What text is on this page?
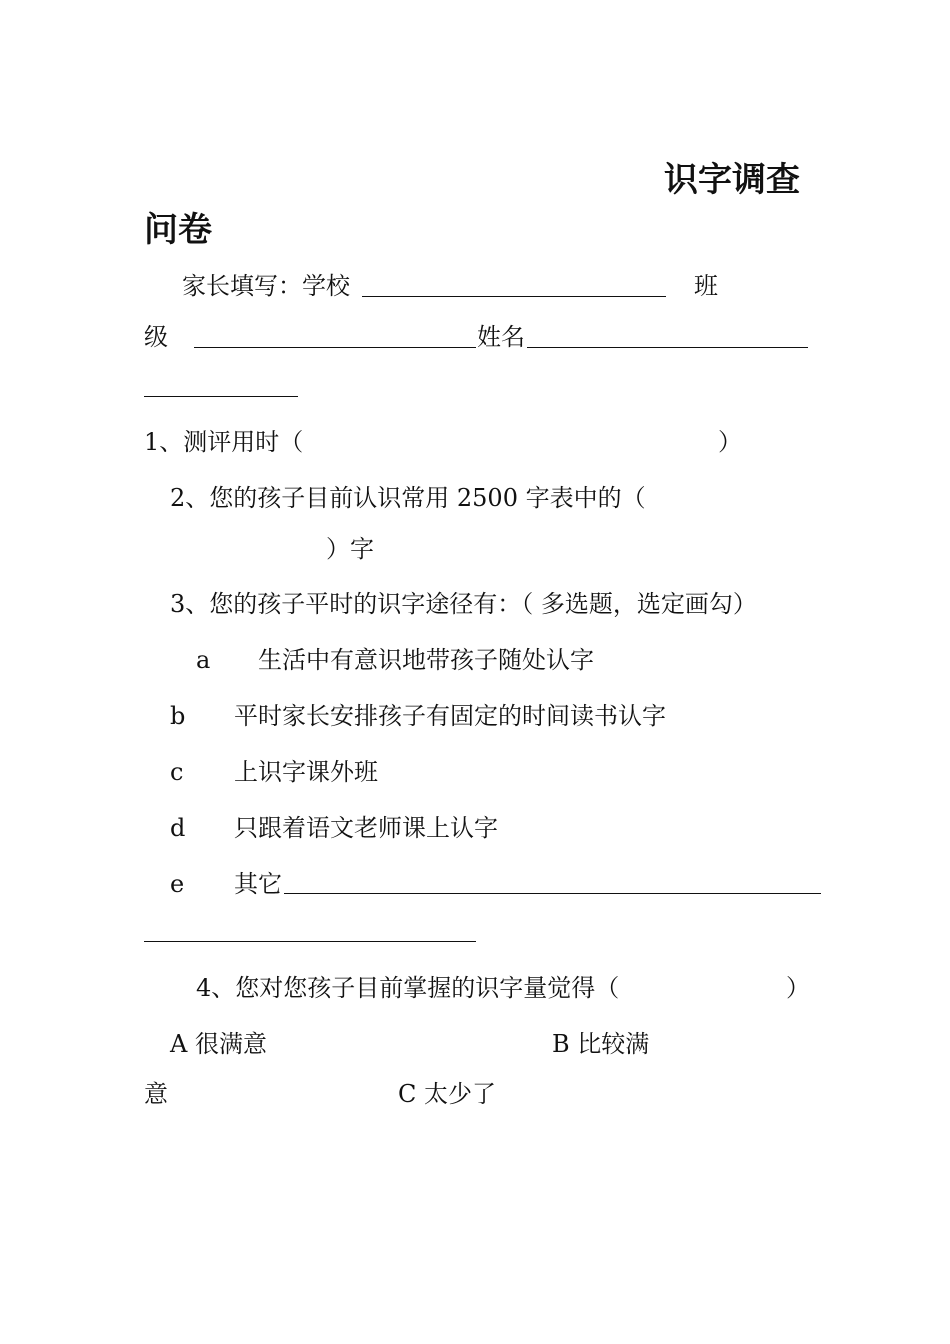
识字调查
问卷
家长填写：学校	班
级	姓名
1、测评用时（	）
2、您的孩子目前认识常用 2500 字表中的（
）字
3、您的孩子平时的识字途径有：（ 多选题，选定画勾）
a 生活中有意识地带孩子随处认字
b 平时家长安排孩子有固定的时间读书认字
c 上识字课外班
d 只跟着语文老师课上认字
e 其它
4、您对您孩子目前掌握的识字量觉得（	）
A 很满意	B 比较满
意	C 太少了
